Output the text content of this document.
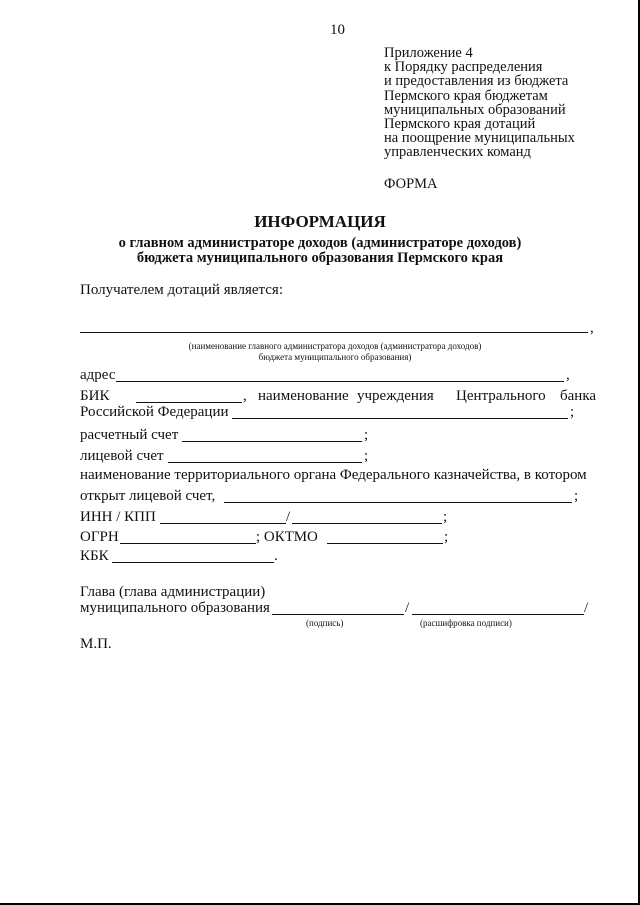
10
Приложение 4
к Порядку распределения
и предоставления из бюджета
Пермского края бюджетам
муниципальных образований
Пермского края дотаций
на поощрение муниципальных
управленческих команд
ФОРМА
ИНФОРМАЦИЯ
о главном администраторе доходов (администраторе доходов)
бюджета муниципального образования Пермского края
Получателем дотаций является:
,
(наименование главного администратора доходов (администратора доходов)
бюджета муниципального образования)
адрес	,
БИК	, наименование учреждения Центрального банка
Российской Федерации	;
расчетный счет	;
лицевой счет	;
наименование территориального органа Федерального казначейства, в котором
открыт лицевой счет,	;
ИНН / КПП	/	;
ОГРН	; ОКТМО	;
КБК	.
Глава (глава администрации)
муниципального образования	/	/
(подпись)	(расшифровка подписи)
М.П.
